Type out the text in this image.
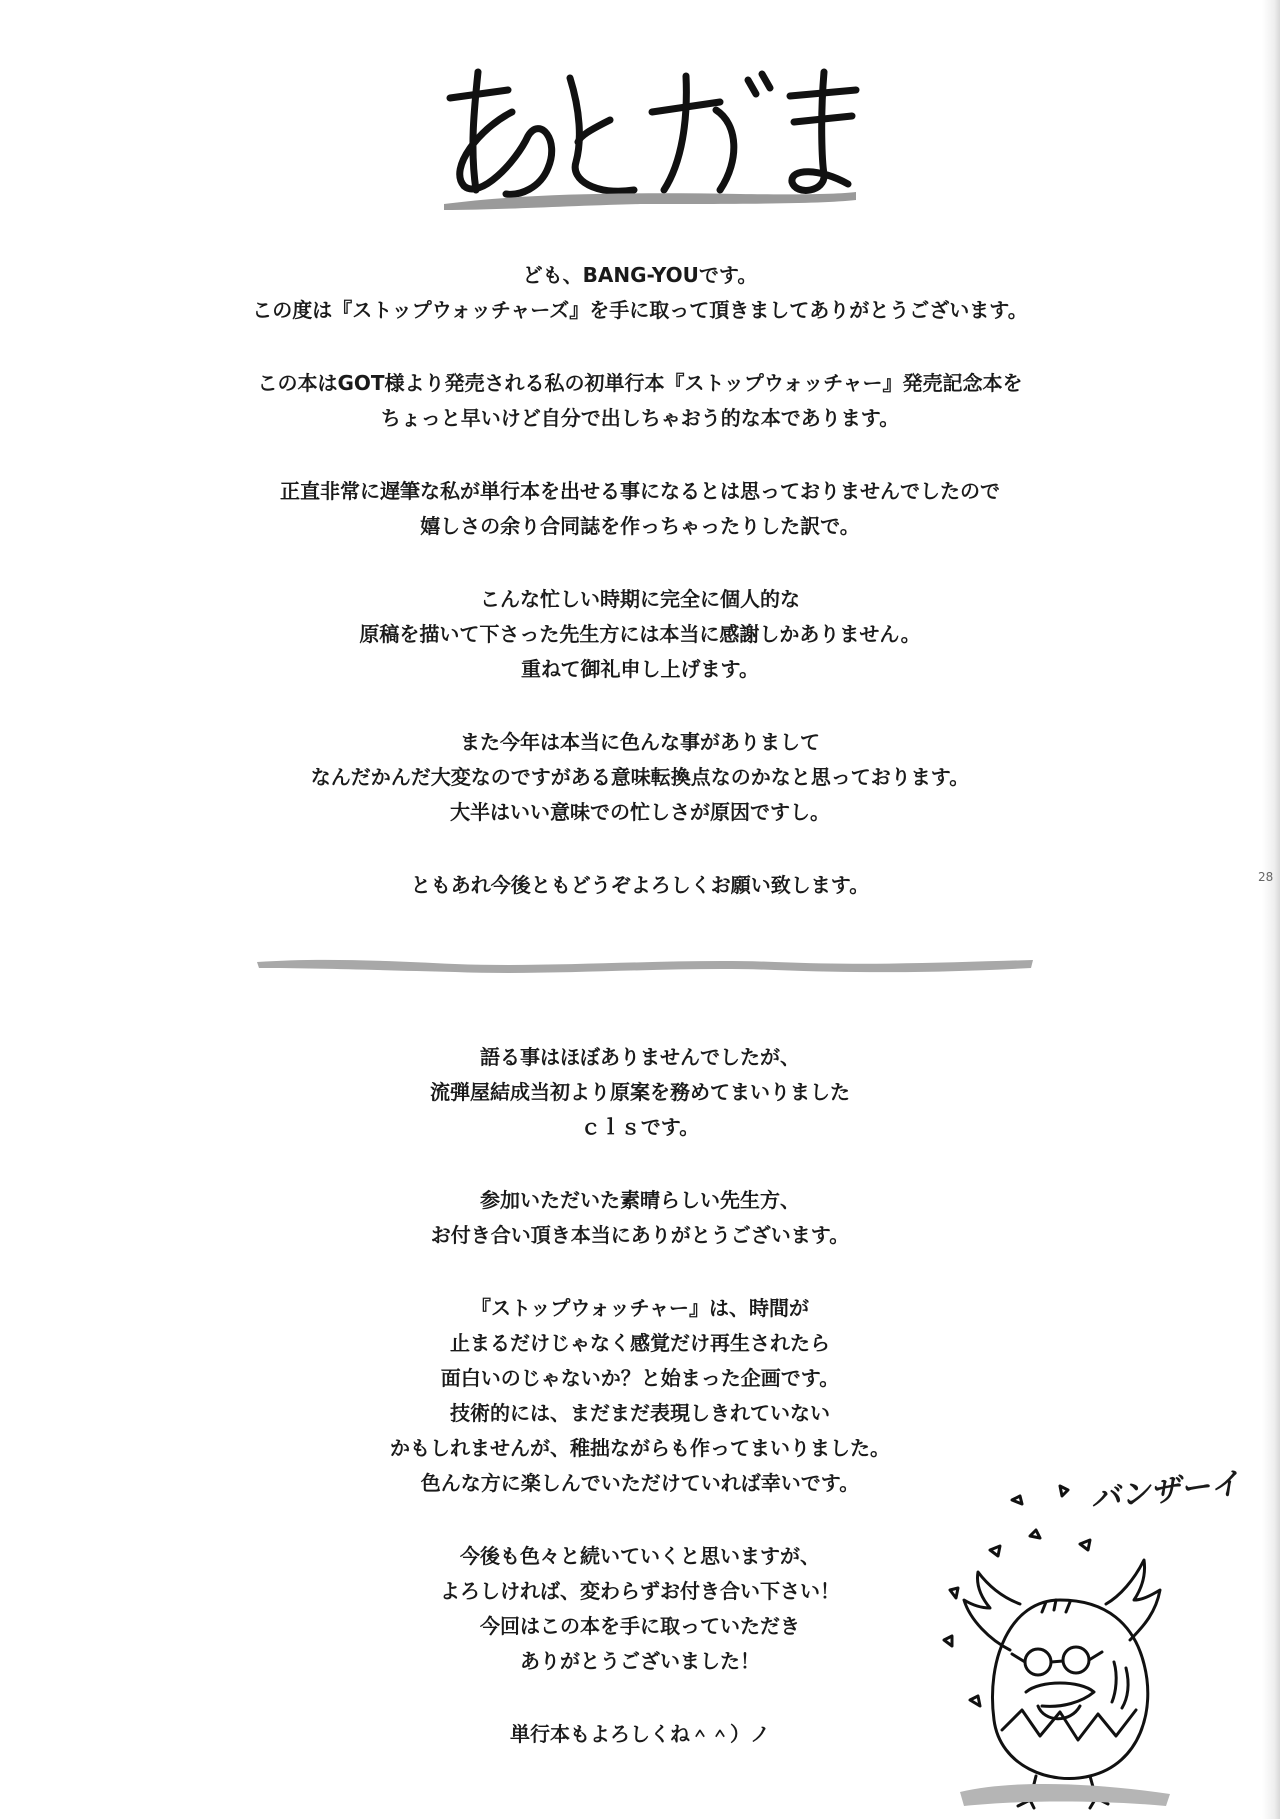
28

ども、BANG-YOUです。
この度は『ストップウォッチャーズ』を手に取って頂きましてありがとうございます。

この本はGOT様より発売される私の初単行本『ストップウォッチャー』発売記念本を
ちょっと早いけど自分で出しちゃおう的な本であります。

正直非常に遅筆な私が単行本を出せる事になるとは思っておりませんでしたので
嬉しさの余り合同誌を作っちゃったりした訳で。

こんな忙しい時期に完全に個人的な
原稿を描いて下さった先生方には本当に感謝しかありません。
重ねて御礼申し上げます。

また今年は本当に色んな事がありまして
なんだかんだ大変なのですがある意味転換点なのかなと思っております。
大半はいい意味での忙しさが原因ですし。

ともあれ今後ともどうぞよろしくお願い致します。

語る事はほぼありませんでしたが、
流弾屋結成当初より原案を務めてまいりました
ｃｌｓです。

参加いただいた素晴らしい先生方、
お付き合い頂き本当にありがとうございます。

『ストップウォッチャー』は、時間が
止まるだけじゃなく感覚だけ再生されたら
面白いのじゃないか？と始まった企画です。
技術的には、まだまだ表現しきれていない
かもしれませんが、稚拙ながらも作ってまいりました。
色んな方に楽しんでいただけていれば幸いです。

今後も色々と続いていくと思いますが、
よろしければ、変わらずお付き合い下さい！
今回はこの本を手に取っていただき
ありがとうございました！

単行本もよろしくね＾＾）ノ

バンザーイ
